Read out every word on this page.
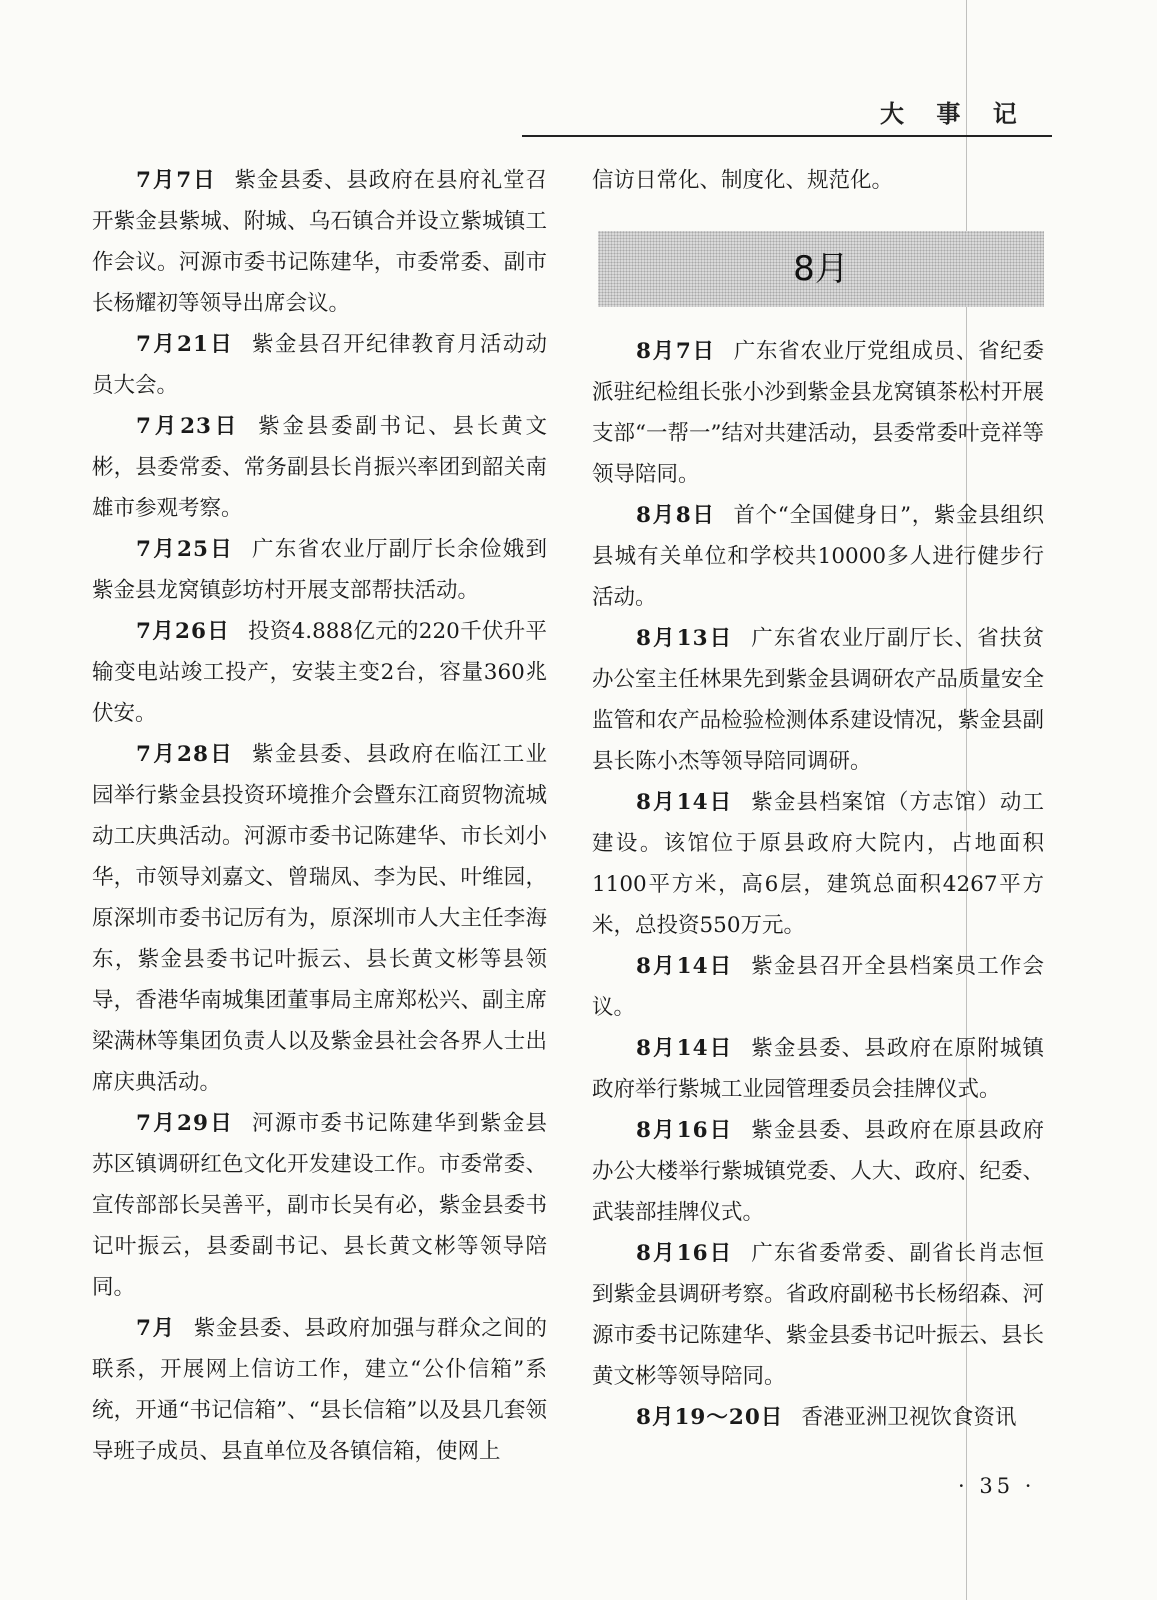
大 事 记

7月7日 紫金县委、县政府在县府礼堂召开紫金县紫城、附城、乌石镇合并设立紫城镇工作会议。河源市委书记陈建华，市委常委、副市长杨耀初等领导出席会议。

7月21日 紫金县召开纪律教育月活动动员大会。

7月23日 紫金县委副书记、县长黄文彬，县委常委、常务副县长肖振兴率团到韶关南雄市参观考察。

7月25日 广东省农业厅副厅长余俭娥到紫金县龙窝镇彭坊村开展支部帮扶活动。

7月26日 投资4.888亿元的220千伏升平输变电站竣工投产，安装主变2台，容量360兆伏安。

7月28日 紫金县委、县政府在临江工业园举行紫金县投资环境推介会暨东江商贸物流城动工庆典活动。河源市委书记陈建华、市长刘小华，市领导刘嘉文、曾瑞凤、李为民、叶维园，原深圳市委书记厉有为，原深圳市人大主任李海东，紫金县委书记叶振云、县长黄文彬等县领导，香港华南城集团董事局主席郑松兴、副主席梁满林等集团负责人以及紫金县社会各界人士出席庆典活动。

7月29日 河源市委书记陈建华到紫金县苏区镇调研红色文化开发建设工作。市委常委、宣传部部长吴善平，副市长吴有必，紫金县委书记叶振云，县委副书记、县长黄文彬等领导陪同。

7月 紫金县委、县政府加强与群众之间的联系，开展网上信访工作，建立“公仆信箱”系统，开通“书记信箱”、“县长信箱”以及县几套领导班子成员、县直单位及各镇信箱，使网上

信访日常化、制度化、规范化。

8月

8月7日 广东省农业厅党组成员、省纪委派驻纪检组长张小沙到紫金县龙窝镇茶松村开展支部“一帮一”结对共建活动，县委常委叶竞祥等领导陪同。

8月8日 首个“全国健身日”，紫金县组织县城有关单位和学校共10000多人进行健步行活动。

8月13日 广东省农业厅副厅长、省扶贫办公室主任林果先到紫金县调研农产品质量安全监管和农产品检验检测体系建设情况，紫金县副县长陈小杰等领导陪同调研。

8月14日 紫金县档案馆（方志馆）动工建设。该馆位于原县政府大院内，占地面积1100平方米，高6层，建筑总面积4267平方米，总投资550万元。

8月14日 紫金县召开全县档案员工作会议。

8月14日 紫金县委、县政府在原附城镇政府举行紫城工业园管理委员会挂牌仪式。

8月16日 紫金县委、县政府在原县政府办公大楼举行紫城镇党委、人大、政府、纪委、武装部挂牌仪式。

8月16日 广东省委常委、副省长肖志恒到紫金县调研考察。省政府副秘书长杨绍森、河源市委书记陈建华、紫金县委书记叶振云、县长黄文彬等领导陪同。

8月19～20日 香港亚洲卫视饮食资讯

· 35 ·
